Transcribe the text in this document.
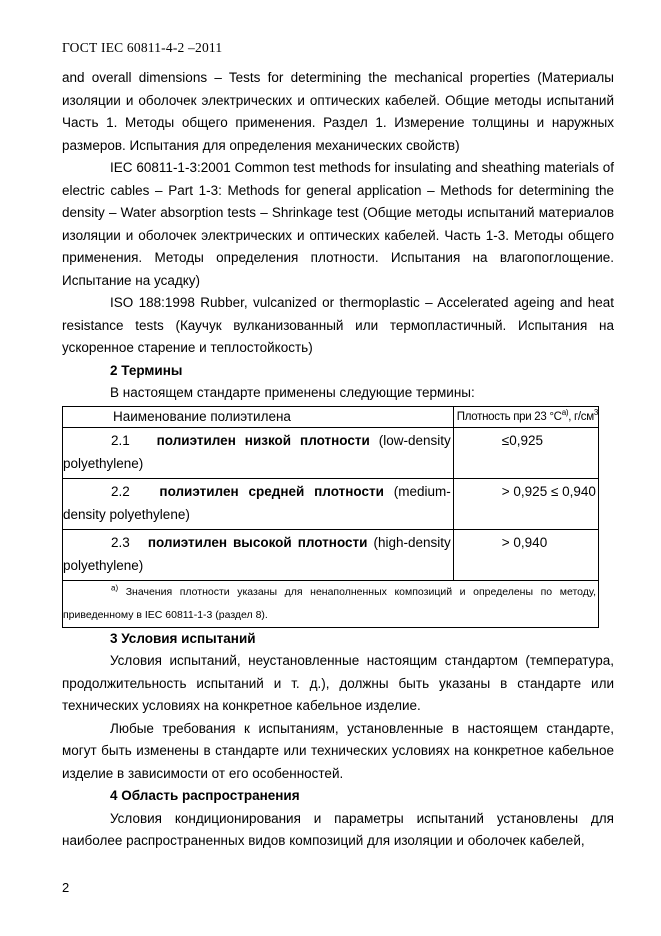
ГОСТ IEC 60811-4-2 –2011

and overall dimensions – Tests for determining the mechanical properties (Материалы изоляции и оболочек электрических и оптических кабелей. Общие методы испытаний Часть 1. Методы общего применения. Раздел 1. Измерение толщины и наружных размеров. Испытания для определения механических свойств)

IEC 60811-1-3:2001 Common test methods for insulating and sheathing materials of electric cables – Part 1-3: Methods for general application – Methods for determining the density – Water absorption tests – Shrinkage test (Общие методы испытаний материалов изоляции и оболочек электрических и оптических кабелей. Часть 1-3. Методы общего применения. Методы определения плотности. Испытания на влагопоглощение. Испытание на усадку)

ISO 188:1998 Rubber, vulcanized or thermoplastic – Accelerated ageing and heat resistance tests (Каучук вулканизованный или термопластичный. Испытания на ускоренное старение и теплостойкость)

2 Термины

В настоящем стандарте применены следующие термины:

Наименование полиэтилена	Плотность при 23 $^\circ С^{а)}$, $г/см^3$
2.1 полиэтилен низкой плотности (low-density polyethylene)	≤0,925
2.2 полиэтилен средней плотности (medium-density polyethylene)	> 0,925 ≤ 0,940
2.3 полиэтилен высокой плотности (high-density polyethylene)	> 0,940
$^{а)}$ Значения плотности указаны для ненаполненных композиций и определены по методу, приведенному в IEC 60811-1-3 (раздел 8).	

3 Условия испытаний

Условия испытаний, неустановленные настоящим стандартом (температура, продолжительность испытаний и т. д.), должны быть указаны в стандарте или технических условиях на конкретное кабельное изделие.

Любые требования к испытаниям, установленные в настоящем стандарте, могут быть изменены в стандарте или технических условиях на конкретное кабельное изделие в зависимости от его особенностей.

4 Область распространения

Условия кондиционирования и параметры испытаний установлены для наиболее распространенных видов композиций для изоляции и оболочек кабелей,

2
